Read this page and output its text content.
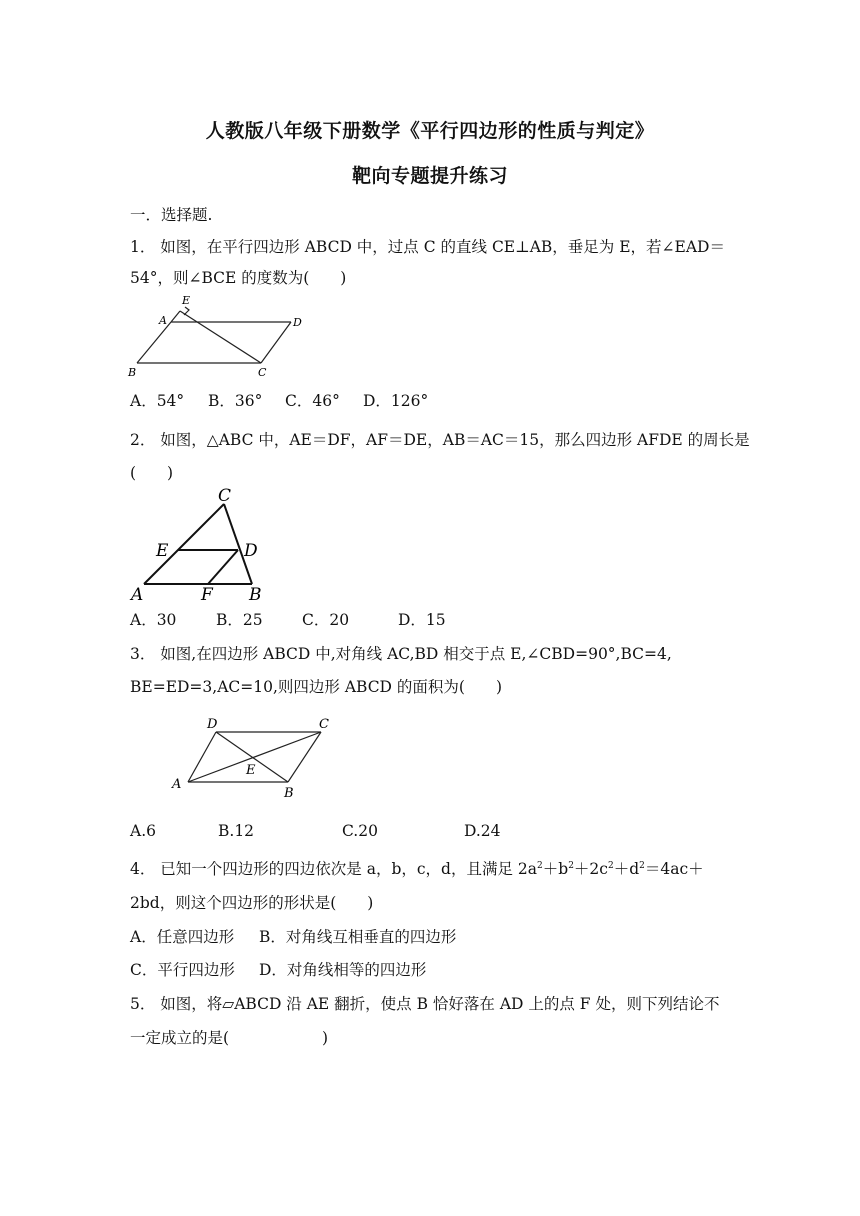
人教版八年级下册数学《平行四边形的性质与判定》
靶向专题提升练习
一．选择题.
1． 如图，在平行四边形 ABCD 中，过点 C 的直线 CE⊥AB，垂足为 E，若∠EAD＝
54°，则∠BCE 的度数为(　　)
E
A	D
B	C
A．54° B．36° C．46° D．126°
2． 如图，△ABC 中，AE＝DF，AF＝DE，AB＝AC＝15，那么四边形 AFDE 的周长是
(　　)
C
E	D
A	F B
A．30	B．25	C．20	D．15
3． 如图,在四边形 ABCD 中,对角线 AC,BD 相交于点 E,∠CBD=90°,BC=4,
BE=ED=3,AC=10,则四边形 ABCD 的面积为(　　)
D	C
E
A
B
A.6	B.12	C.20	D.24
4． 已知一个四边形的四边依次是 a，b，c，d，且满足 $2a^2+b^2+2c^2+d^2=4ac+$
2bd，则这个四边形的形状是(　　)
A．任意四边形 B．对角线互相垂直的四边形
C．平行四边形 D．对角线相等的四边形
5． 如图，将▱ABCD 沿 AE 翻折，使点 B 恰好落在 AD 上的点 F 处，则下列结论不
一定成立的是(　　　　　　)
